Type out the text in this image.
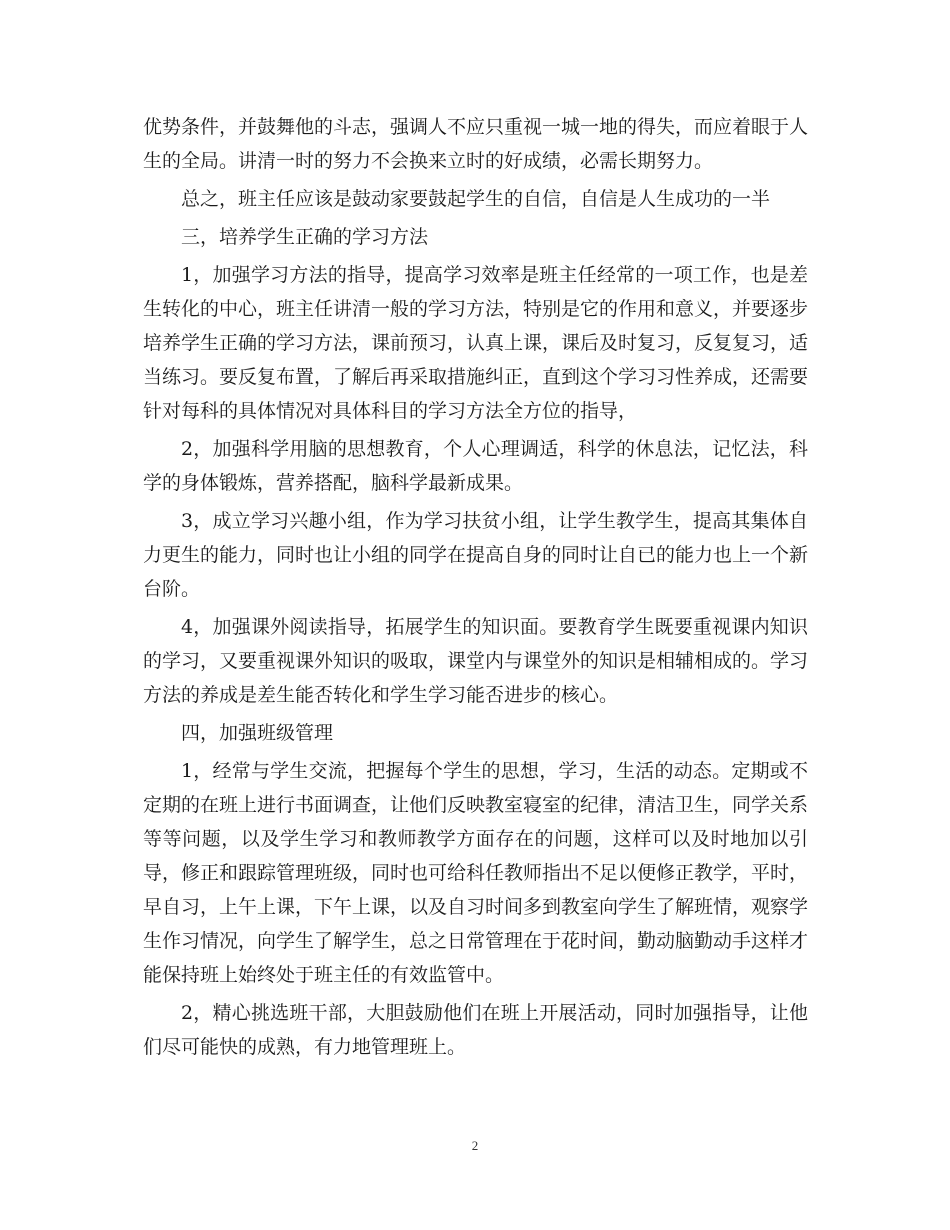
优势条件，并鼓舞他的斗志，强调人不应只重视一城一地的得失，而应着眼于人生的全局。讲清一时的努力不会换来立时的好成绩，必需长期努力。

总之，班主任应该是鼓动家要鼓起学生的自信，自信是人生成功的一半

三，培养学生正确的学习方法

1，加强学习方法的指导，提高学习效率是班主任经常的一项工作，也是差生转化的中心，班主任讲清一般的学习方法，特别是它的作用和意义，并要逐步培养学生正确的学习方法，课前预习，认真上课，课后及时复习，反复复习，适当练习。要反复布置，了解后再采取措施纠正，直到这个学习习性养成，还需要针对每科的具体情况对具体科目的学习方法全方位的指导，

2，加强科学用脑的思想教育，个人心理调适，科学的休息法，记忆法，科学的身体锻炼，营养搭配，脑科学最新成果。

3，成立学习兴趣小组，作为学习扶贫小组，让学生教学生，提高其集体自力更生的能力，同时也让小组的同学在提高自身的同时让自已的能力也上一个新台阶。

4，加强课外阅读指导，拓展学生的知识面。要教育学生既要重视课内知识的学习，又要重视课外知识的吸取，课堂内与课堂外的知识是相辅相成的。学习方法的养成是差生能否转化和学生学习能否进步的核心。

四，加强班级管理

1，经常与学生交流，把握每个学生的思想，学习，生活的动态。定期或不定期的在班上进行书面调查，让他们反映教室寝室的纪律，清洁卫生，同学关系等等问题，以及学生学习和教师教学方面存在的问题，这样可以及时地加以引导，修正和跟踪管理班级，同时也可给科任教师指出不足以便修正教学，平时，早自习，上午上课，下午上课，以及自习时间多到教室向学生了解班情，观察学生作习情况，向学生了解学生，总之日常管理在于花时间，勤动脑勤动手这样才能保持班上始终处于班主任的有效监管中。

2，精心挑选班干部，大胆鼓励他们在班上开展活动，同时加强指导，让他们尽可能快的成熟，有力地管理班上。

2
